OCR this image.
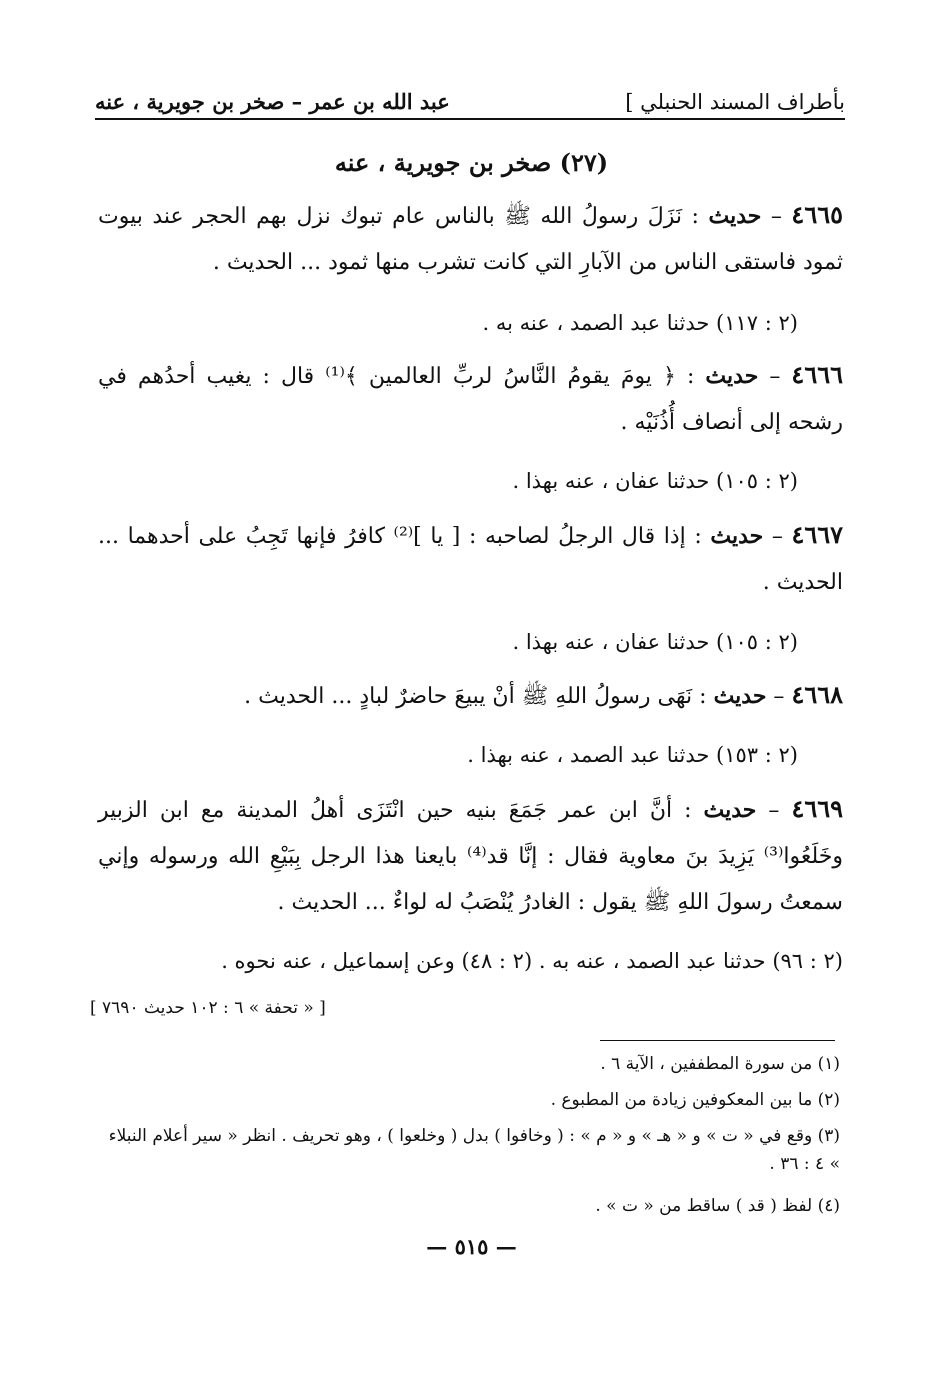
بأطراف المسند الحنبلي ]
عبد الله بن عمر – صخر بن جويرية ، عنه
(٢٧) صخر بن جويرية ، عنه
٤٦٦٥ – حديث : نَزَلَ رسولُ الله ﷺ بالناس عام تبوك نزل بهم الحجر عند بيوت ثمود فاستقى الناس من الآبارِ التي كانت تشرب منها ثمود ... الحديث .
(٢ : ١١٧) حدثنا عبد الصمد ، عنه به .
٤٦٦٦ – حديث : ﴿ يومَ يقومُ النَّاسُ لربِّ العالمين ﴾⁽¹⁾ قال : يغيب أحدُهم في رشحه إلى أنصاف أُذُنَيْه .
(٢ : ١٠٥) حدثنا عفان ، عنه بهذا .
٤٦٦٧ – حديث : إذا قال الرجلُ لصاحبه : [ يا ]⁽²⁾ كافرُ فإنها تَجِبُ على أحدهما ... الحديث .
(٢ : ١٠٥) حدثنا عفان ، عنه بهذا .
٤٦٦٨ – حديث : نَهَى رسولُ اللهِ ﷺ أنْ يبيعَ حاضرٌ لبادٍ ... الحديث .
(٢ : ١٥٣) حدثنا عبد الصمد ، عنه بهذا .
٤٦٦٩ – حديث : أنَّ ابن عمر جَمَعَ بنيه حين انْتَزَى أهلُ المدينة مع ابن الزبير وخَلَعُوا⁽³⁾ يَزِيدَ بنَ معاوية فقال : إنَّا قد⁽⁴⁾ بايعنا هذا الرجل بِبَيْعِ الله ورسوله وإني سمعتُ رسولَ اللهِ ﷺ يقول : الغادرُ يُنْصَبُ له لواءٌ ... الحديث .
(٢ : ٩٦) حدثنا عبد الصمد ، عنه به . (٢ : ٤٨) وعن إسماعيل ، عنه نحوه .
[ « تحفة » ٦ : ١٠٢ حديث ٧٦٩٠ ]
(١) من سورة المطففين ، الآية ٦ .
(٢) ما بين المعكوفين زيادة من المطبوع .
(٣) وقع في « ت » و « هـ » و « م » : ( وخافوا ) بدل ( وخلعوا ) ، وهو تحريف . انظر « سير أعلام النبلاء » ٤ : ٣٦ .
(٤) لفظ ( قد ) ساقط من « ت » .
— ٥١٥ —
